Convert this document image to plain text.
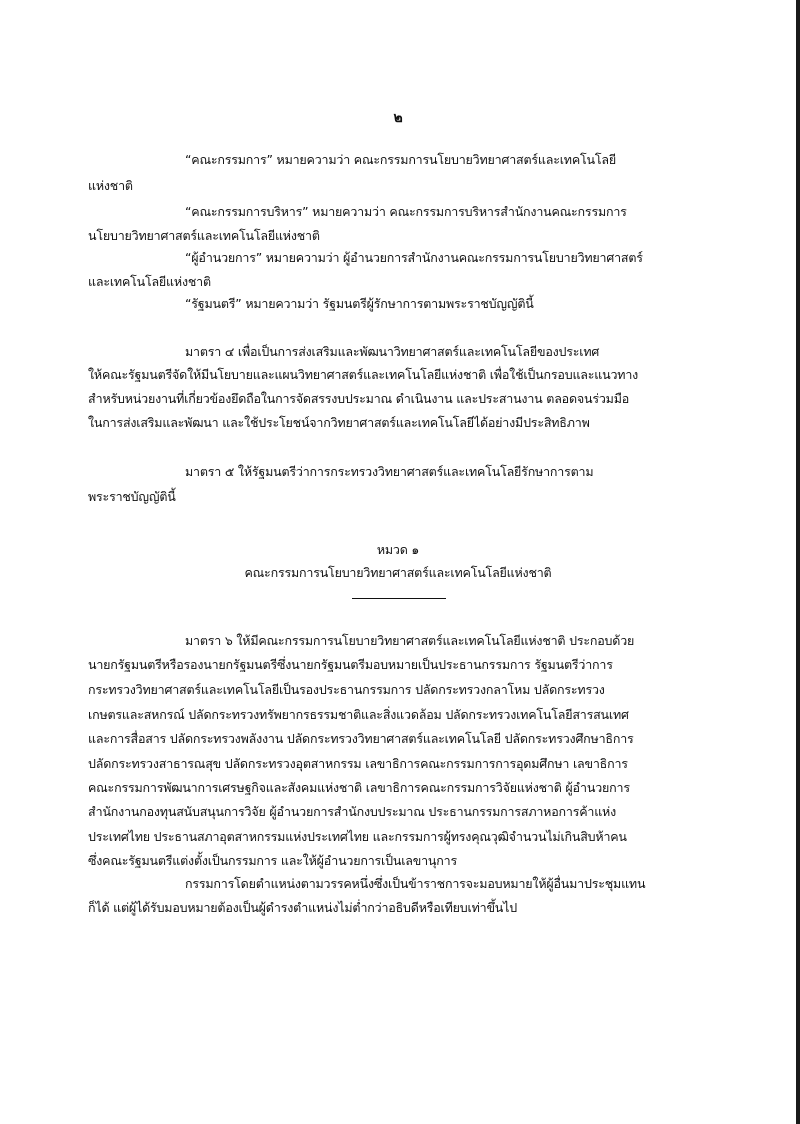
๒
“คณะกรรมการ” หมายความว่า คณะกรรมการนโยบายวิทยาศาสตร์และเทคโนโลยี
แห่งชาติ
“คณะกรรมการบริหาร” หมายความว่า คณะกรรมการบริหารสำนักงานคณะกรรมการ
นโยบายวิทยาศาสตร์และเทคโนโลยีแห่งชาติ
“ผู้อำนวยการ” หมายความว่า ผู้อำนวยการสำนักงานคณะกรรมการนโยบายวิทยาศาสตร์
และเทคโนโลยีแห่งชาติ
“รัฐมนตรี” หมายความว่า รัฐมนตรีผู้รักษาการตามพระราชบัญญัตินี้
มาตรา ๔ เพื่อเป็นการส่งเสริมและพัฒนาวิทยาศาสตร์และเทคโนโลยีของประเทศ
ให้คณะรัฐมนตรีจัดให้มีนโยบายและแผนวิทยาศาสตร์และเทคโนโลยีแห่งชาติ เพื่อใช้เป็นกรอบและแนวทาง
สำหรับหน่วยงานที่เกี่ยวข้องยึดถือในการจัดสรรงบประมาณ ดำเนินงาน และประสานงาน ตลอดจนร่วมมือ
ในการส่งเสริมและพัฒนา และใช้ประโยชน์จากวิทยาศาสตร์และเทคโนโลยีได้อย่างมีประสิทธิภาพ
มาตรา ๕ ให้รัฐมนตรีว่าการกระทรวงวิทยาศาสตร์และเทคโนโลยีรักษาการตาม
พระราชบัญญัตินี้
หมวด ๑
คณะกรรมการนโยบายวิทยาศาสตร์และเทคโนโลยีแห่งชาติ
มาตรา ๖ ให้มีคณะกรรมการนโยบายวิทยาศาสตร์และเทคโนโลยีแห่งชาติ ประกอบด้วย
นายกรัฐมนตรีหรือรองนายกรัฐมนตรีซึ่งนายกรัฐมนตรีมอบหมายเป็นประธานกรรมการ รัฐมนตรีว่าการ
กระทรวงวิทยาศาสตร์และเทคโนโลยีเป็นรองประธานกรรมการ ปลัดกระทรวงกลาโหม ปลัดกระทรวง
เกษตรและสหกรณ์ ปลัดกระทรวงทรัพยากรธรรมชาติและสิ่งแวดล้อม ปลัดกระทรวงเทคโนโลยีสารสนเทศ
และการสื่อสาร ปลัดกระทรวงพลังงาน ปลัดกระทรวงวิทยาศาสตร์และเทคโนโลยี ปลัดกระทรวงศึกษาธิการ
ปลัดกระทรวงสาธารณสุข ปลัดกระทรวงอุตสาหกรรม เลขาธิการคณะกรรมการการอุดมศึกษา เลขาธิการ
คณะกรรมการพัฒนาการเศรษฐกิจและสังคมแห่งชาติ เลขาธิการคณะกรรมการวิจัยแห่งชาติ ผู้อำนวยการ
สำนักงานกองทุนสนับสนุนการวิจัย ผู้อำนวยการสำนักงบประมาณ ประธานกรรมการสภาหอการค้าแห่ง
ประเทศไทย ประธานสภาอุตสาหกรรมแห่งประเทศไทย และกรรมการผู้ทรงคุณวุฒิจำนวนไม่เกินสิบห้าคน
ซึ่งคณะรัฐมนตรีแต่งตั้งเป็นกรรมการ และให้ผู้อำนวยการเป็นเลขานุการ
กรรมการโดยตำแหน่งตามวรรคหนึ่งซึ่งเป็นข้าราชการจะมอบหมายให้ผู้อื่นมาประชุมแทน
ก็ได้ แต่ผู้ได้รับมอบหมายต้องเป็นผู้ดำรงตำแหน่งไม่ต่ำกว่าอธิบดีหรือเทียบเท่าขึ้นไป
